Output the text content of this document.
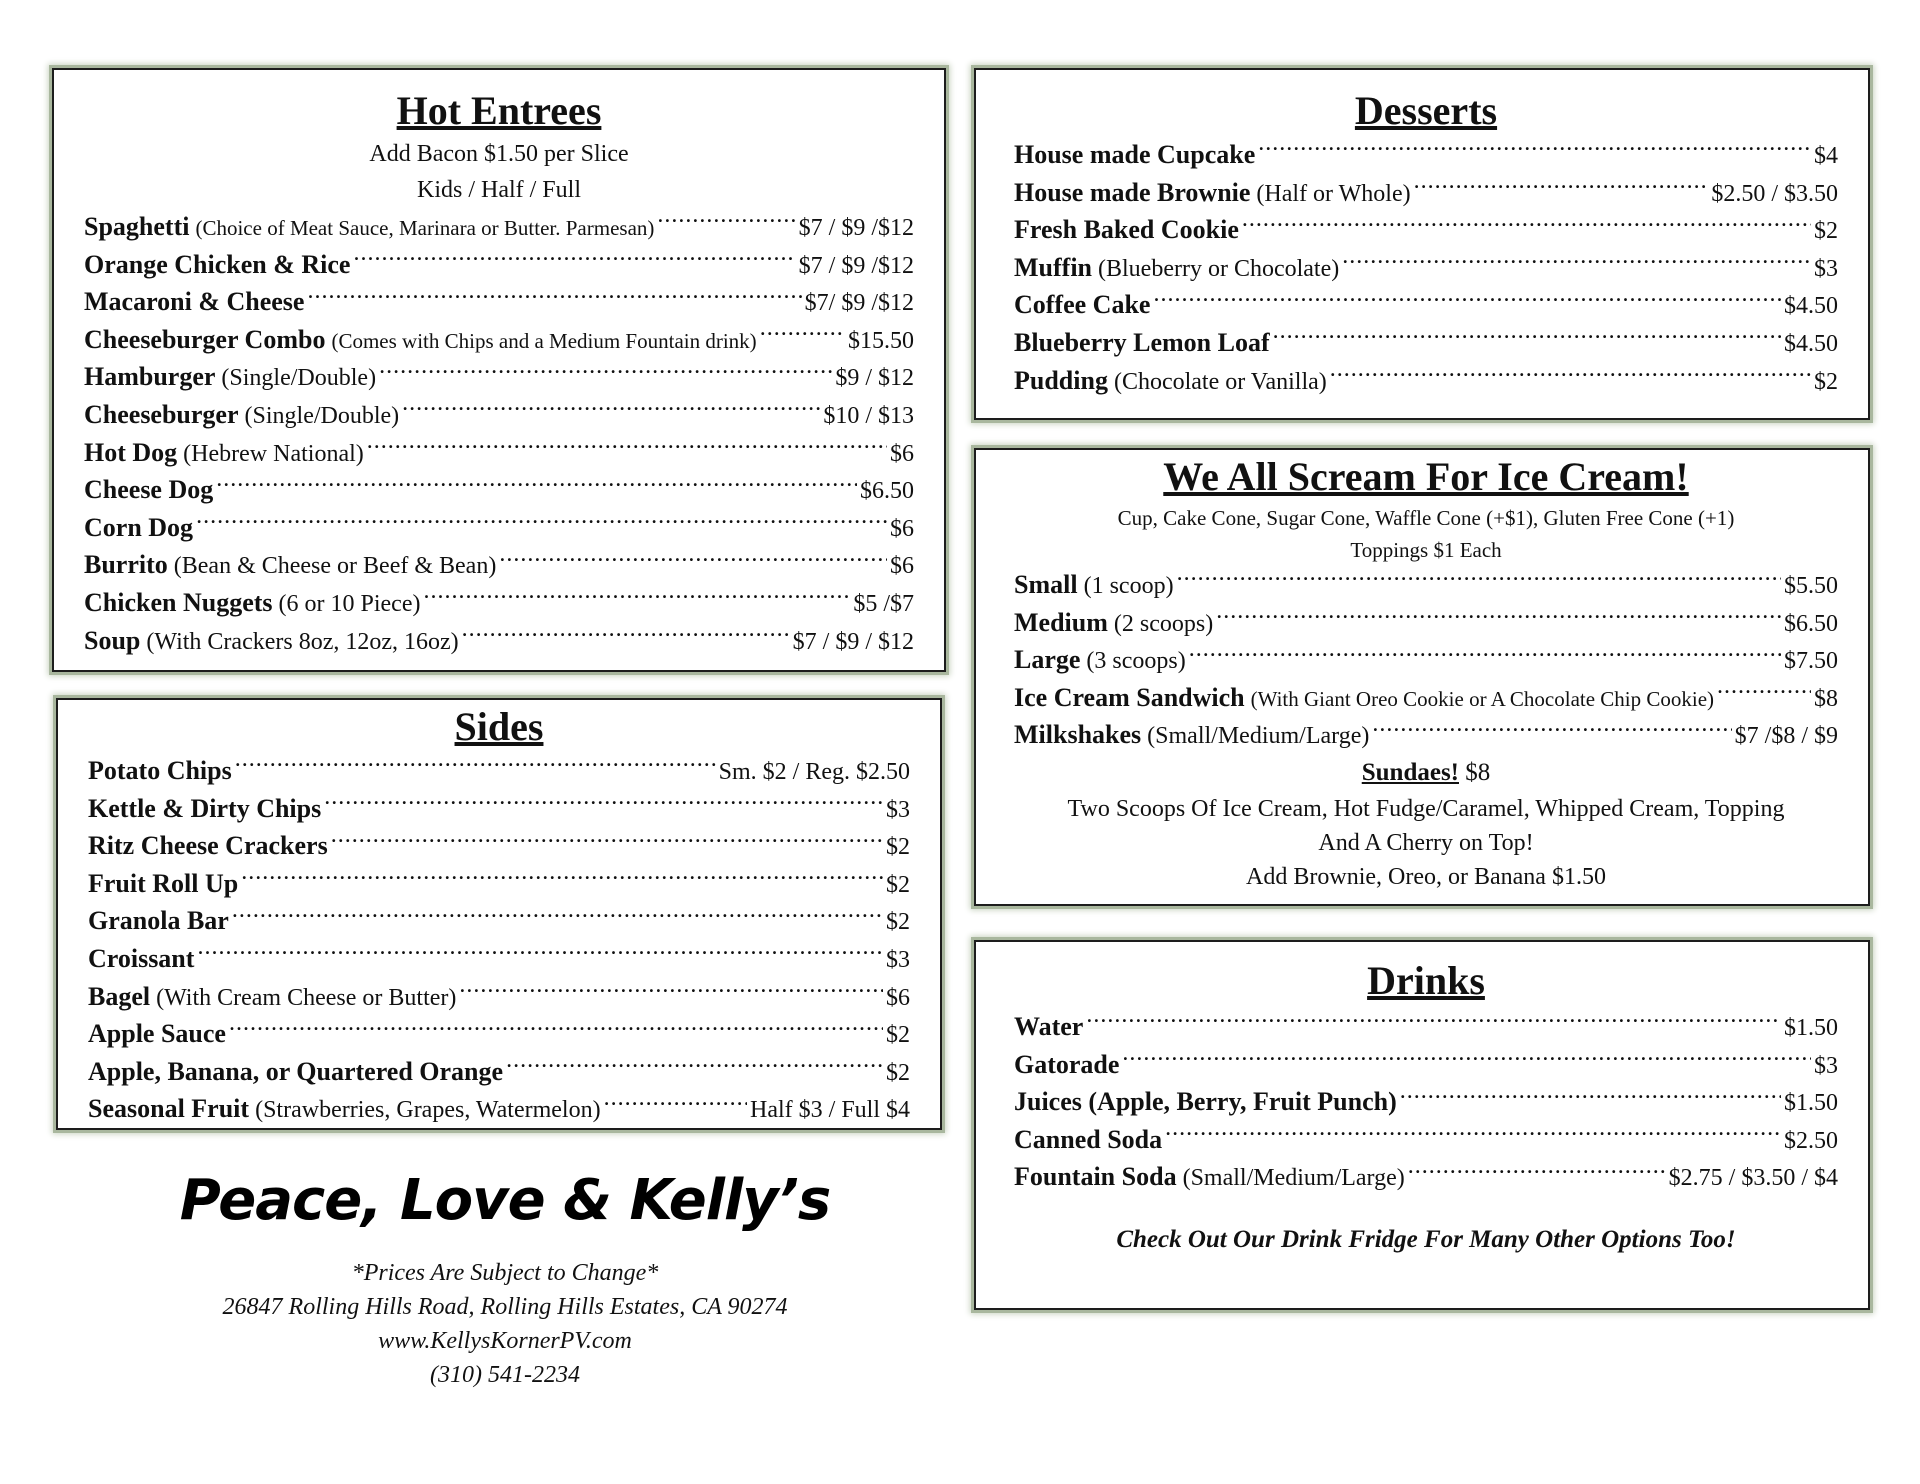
Hot Entrees
Add Bacon $1.50 per Slice
Kids / Half / Full
Spaghetti (Choice of Meat Sauce, Marinara or Butter. Parmesan) .....	$7 / $9 /$12
Orange Chicken & Rice .....	$7 / $9 /$12
Macaroni & Cheese .....	$7/ $9 /$12
Cheeseburger Combo (Comes with Chips and a Medium Fountain drink) .....	$15.50
Hamburger (Single/Double) .....	$9 / $12
Cheeseburger (Single/Double) .....	$10 / $13
Hot Dog (Hebrew National) .....	$6
Cheese Dog .....	$6.50
Corn Dog .....	$6
Burrito (Bean & Cheese or Beef & Bean) .....	$6
Chicken Nuggets (6 or 10 Piece) .....	$5 /$7
Soup (With Crackers 8oz, 12oz, 16oz) .....	$7 / $9 / $12
Sides
Potato Chips .....	Sm. $2 / Reg. $2.50
Kettle & Dirty Chips .....	$3
Ritz Cheese Crackers .....	$2
Fruit Roll Up .....	$2
Granola Bar .....	$2
Croissant .....	$3
Bagel (With Cream Cheese or Butter) .....	$6
Apple Sauce .....	$2
Apple, Banana, or Quartered Orange .....	$2
Seasonal Fruit (Strawberries, Grapes, Watermelon) .....	Half $3 / Full $4
Desserts
House made Cupcake .....	$4
House made Brownie (Half or Whole) .....	$2.50 / $3.50
Fresh Baked Cookie .....	$2
Muffin (Blueberry or Chocolate) .....	$3
Coffee Cake .....	$4.50
Blueberry Lemon Loaf .....	$4.50
Pudding (Chocolate or Vanilla) .....	$2
We All Scream For Ice Cream!
Cup, Cake Cone, Sugar Cone, Waffle Cone (+$1), Gluten Free Cone (+1)
Toppings $1 Each
Small (1 scoop) .....	$5.50
Medium (2 scoops) .....	$6.50
Large (3 scoops) .....	$7.50
Ice Cream Sandwich (With Giant Oreo Cookie or A Chocolate Chip Cookie) .....	$8
Milkshakes (Small/Medium/Large) .....	$7 /$8 / $9
Sundaes! $8
Two Scoops Of Ice Cream, Hot Fudge/Caramel, Whipped Cream, Topping
And A Cherry on Top!
Add Brownie, Oreo, or Banana $1.50
Drinks
Water .....	$1.50
Gatorade .....	$3
Juices (Apple, Berry, Fruit Punch) .....	$1.50
Canned Soda .....	$2.50
Fountain Soda (Small/Medium/Large) .....	$2.75 / $3.50 / $4
Check Out Our Drink Fridge For Many Other Options Too!
Peace, Love & Kelly’s
*Prices Are Subject to Change*
26847 Rolling Hills Road, Rolling Hills Estates, CA 90274
www.KellysKornerPV.com
(310) 541-2234
